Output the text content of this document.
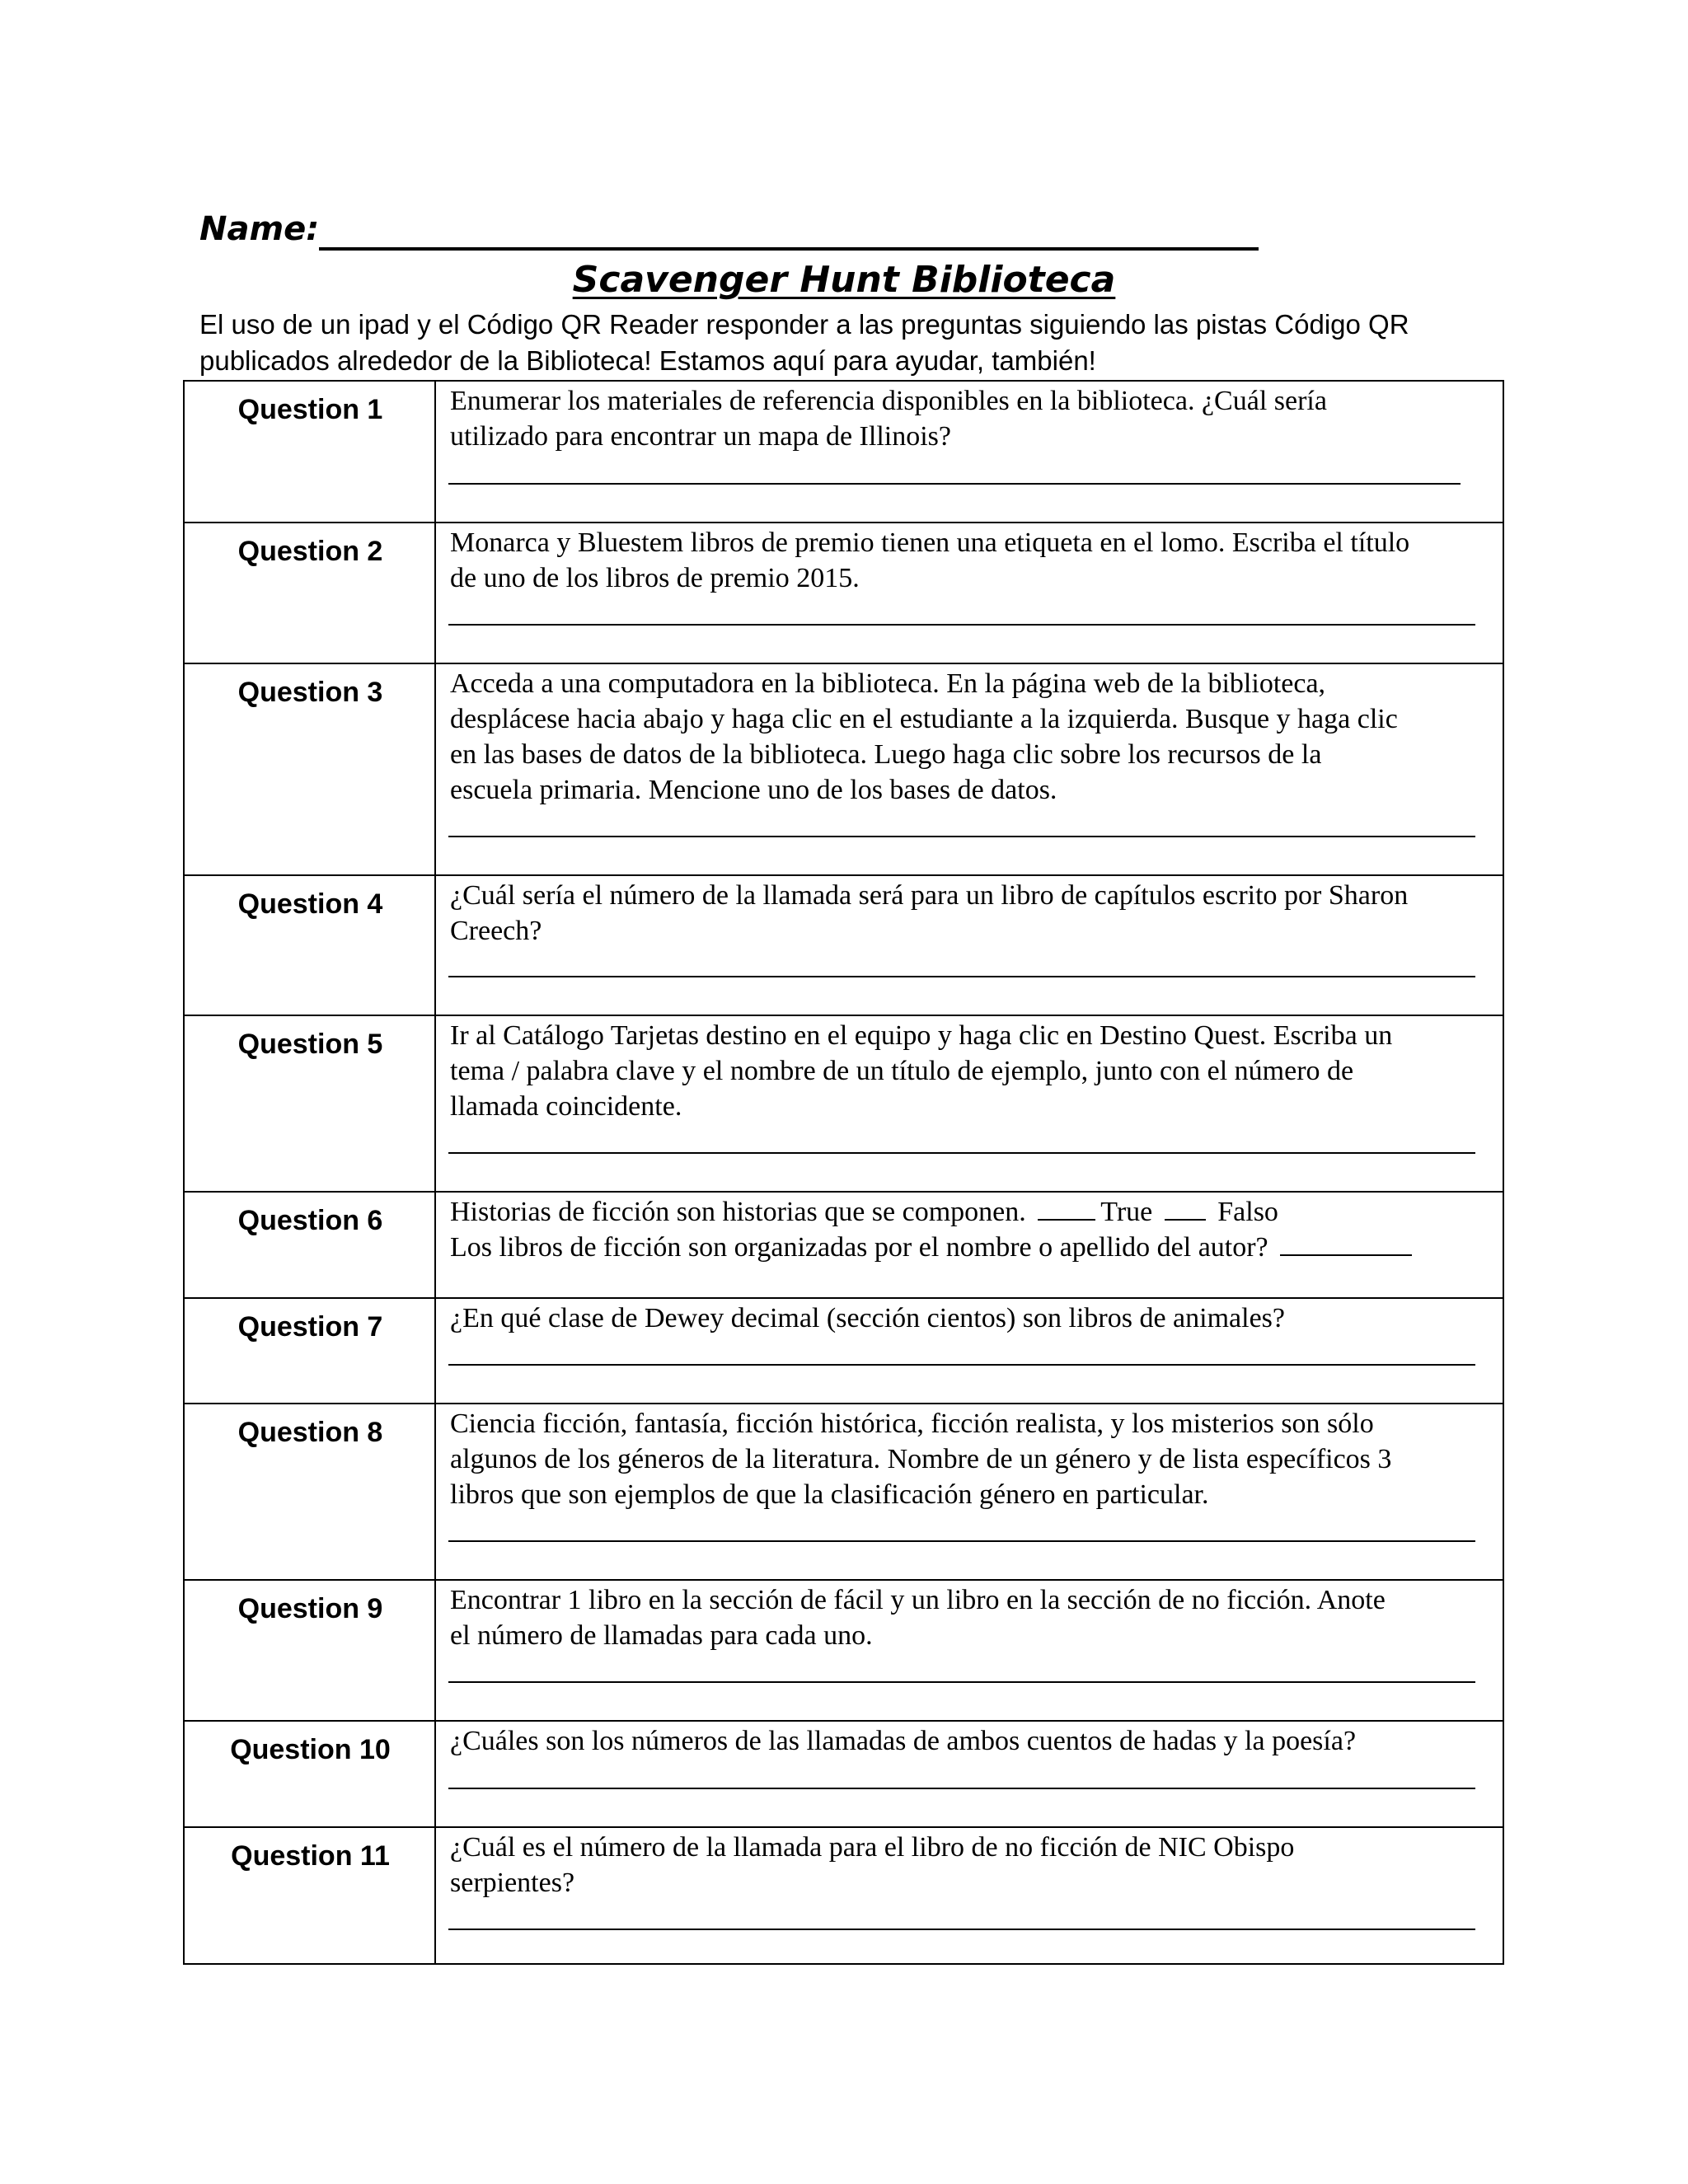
Name:
Scavenger Hunt Biblioteca
El uso de un ipad y el Código QR Reader responder a las preguntas siguiendo las pistas Código QR
publicados alrededor de la Biblioteca! Estamos aquí para ayudar, también!
Question 1	Enumerar los materiales de referencia disponibles en la biblioteca. ¿Cuál sería
utilizado para encontrar un mapa de Illinois?
Question 2	Monarca y Bluestem libros de premio tienen una etiqueta en el lomo. Escriba el título
de uno de los libros de premio 2015.
Question 3	Acceda a una computadora en la biblioteca. En la página web de la biblioteca,
desplácese hacia abajo y haga clic en el estudiante a la izquierda. Busque y haga clic
en las bases de datos de la biblioteca. Luego haga clic sobre los recursos de la
escuela primaria. Mencione uno de los bases de datos.
Question 4	¿Cuál sería el número de la llamada será para un libro de capítulos escrito por Sharon
Creech?
Question 5	Ir al Catálogo Tarjetas destino en el equipo y haga clic en Destino Quest. Escriba un
tema / palabra clave y el nombre de un título de ejemplo, junto con el número de
llamada coincidente.
Question 6	Historias de ficción son historias que se componen.	True Falso
Los libros de ficción son organizadas por el nombre o apellido del autor?
Question 7	¿En qué clase de Dewey decimal (sección cientos) son libros de animales?
Question 8	Ciencia ficción, fantasía, ficción histórica, ficción realista, y los misterios son sólo
algunos de los géneros de la literatura. Nombre de un género y de lista específicos 3
libros que son ejemplos de que la clasificación género en particular.
Question 9	Encontrar 1 libro en la sección de fácil y un libro en la sección de no ficción. Anote
el número de llamadas para cada uno.
Question 10	¿Cuáles son los números de las llamadas de ambos cuentos de hadas y la poesía?
Question 11	¿Cuál es el número de la llamada para el libro de no ficción de NIC Obispo
serpientes?
